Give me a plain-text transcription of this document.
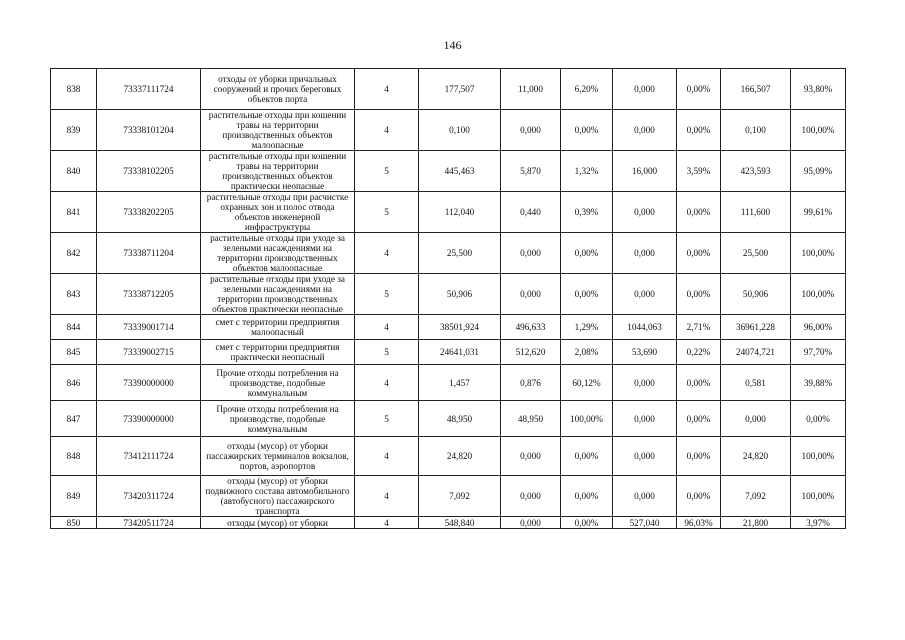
146
838	73337111724	отходы от уборки причальных сооружений и прочих береговых объектов порта	4	177,507	11,000	6,20%	0,000	0,00%	166,507	93,80%
839	73338101204	растительные отходы при кошении травы на территории производственных объектов малоопасные	4	0,100	0,000	0,00%	0,000	0,00%	0,100	100,00%
840	73338102205	растительные отходы при кошении травы на территории производственных объектов практически неопасные	5	445,463	5,870	1,32%	16,000	3,59%	423,593	95,09%
841	73338202205	растительные отходы при расчистке охранных зон и полос отвода объектов инженерной инфраструктуры	5	112,040	0,440	0,39%	0,000	0,00%	111,600	99,61%
842	73338711204	растительные отходы при уходе за зелеными насаждениями на территории производственных объектов малоопасные	4	25,500	0,000	0,00%	0,000	0,00%	25,500	100,00%
843	73338712205	растительные отходы при уходе за зелеными насаждениями на территории производственных объектов практически неопасные	5	50,906	0,000	0,00%	0,000	0,00%	50,906	100,00%
844	73339001714	смет с территории предприятия малоопасный	4	38501,924	496,633	1,29%	1044,063	2,71%	36961,228	96,00%
845	73339002715	смет с территории предприятия практически неопасный	5	24641,031	512,620	2,08%	53,690	0,22%	24074,721	97,70%
846	73390000000	Прочие отходы потребления на производстве, подобные коммунальным	4	1,457	0,876	60,12%	0,000	0,00%	0,581	39,88%
847	73390000000	Прочие отходы потребления на производстве, подобные коммунальным	5	48,950	48,950	100,00%	0,000	0,00%	0,000	0,00%
848	73412111724	отходы (мусор) от уборки пассажирских терминалов вокзалов, портов, аэропортов	4	24,820	0,000	0,00%	0,000	0,00%	24,820	100,00%
849	73420311724	отходы (мусор) от уборки подвижного состава автомобильного (автобусного) пассажирского транспорта	4	7,092	0,000	0,00%	0,000	0,00%	7,092	100,00%
850	73420511724	отходы (мусор) от уборки	4	548,840	0,000	0,00%	527,040	96,03%	21,800	3,97%
